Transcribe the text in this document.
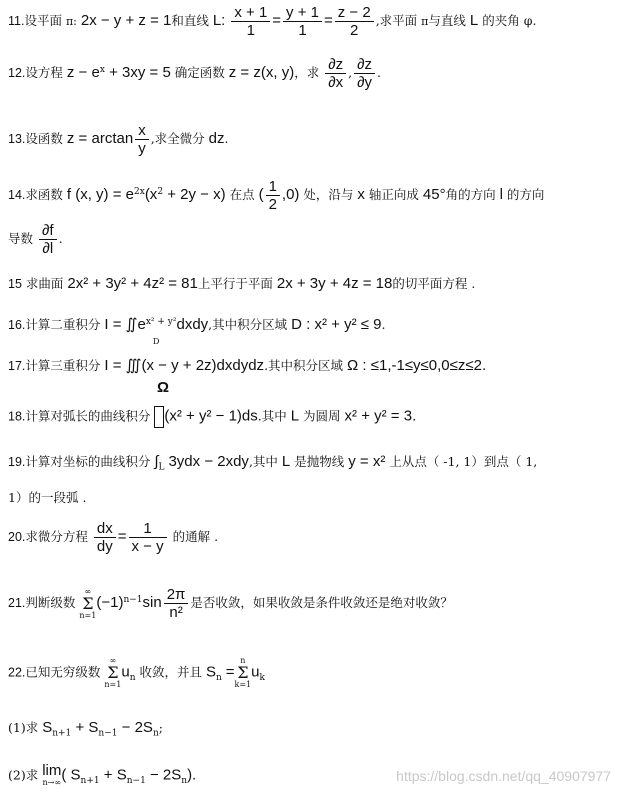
11.设平面 π: 2x − y + z = 1和直线 L: $\frac{x + 1}{1} = \frac{y + 1}{1} = \frac{z - 2}{2}$ ,求平面 π与直线 L 的夹角 φ.
12.设方程 $z - e^x + 3xy = 5$ 确定函数 z = z(x, y)，求 $\frac{\partial z}{\partial x}$ , $\frac{\partial z}{\partial y}$ .
13.设函数 $z = \arctan \frac{x}{y}$ ,求全微分 dz.
14.求函数 f (x, $y) = e^{2x}(x^2 + 2y - x)$ 在点 ( $\frac{1}{2} ,0$) 处，沿与 x 轴正向成 45°角的方向 l 的方向
导数 $\frac{\partial f}{\partial l}$ .
15 求曲面 2x² + 3y² + 4z² = 81上平行于平面 2x + 3y + 4z = 18的切平面方程 .
16.计算二重积分 $I = ∬e^{x^2 + y^2}dxdy$,其中积分区域 D : x² + y² ≤ 9.
D
17.计算三重积分 I = ∭(x − y + 2z)dxdydz.其中积分区域 Ω : ≤1,-1≤y≤0,0≤z≤2.
Ω
18.计算对弧长的曲线积分 (x² + y² − 1)ds.其中 L 为圆周 x² + y² = 3.
19.计算对坐标的曲线积分 $\int_L$ 3ydx − 2xdy,其中 L 是抛物线 y = x² 上从点（ -1, 1）到点（ 1,
1）的一段弧 .
20.求微分方程 $\frac{dx}{dy} = \frac{1}{x - y}$ 的通解 .
21.判断级数
∞
Σ
n=1
$(-1)^{n-1}\sin \frac{2\pi}{\text{n²}}$ 是否收敛，如果收敛是条件收敛还是绝对收敛？
22.已知无穷级数
∞
Σ
n=1
$u_n$ 收敛，并且 $S_n$ =
n
Σ
k=1
$u_k$
(1)求 $S_{n+1} + S_{n-1} - 2S_n$;
(2)求 lim
n→∞ ( $S_{n+1} + S_{n-1} - 2S_n$).	https://blog.csdn.net/qq_40907977
